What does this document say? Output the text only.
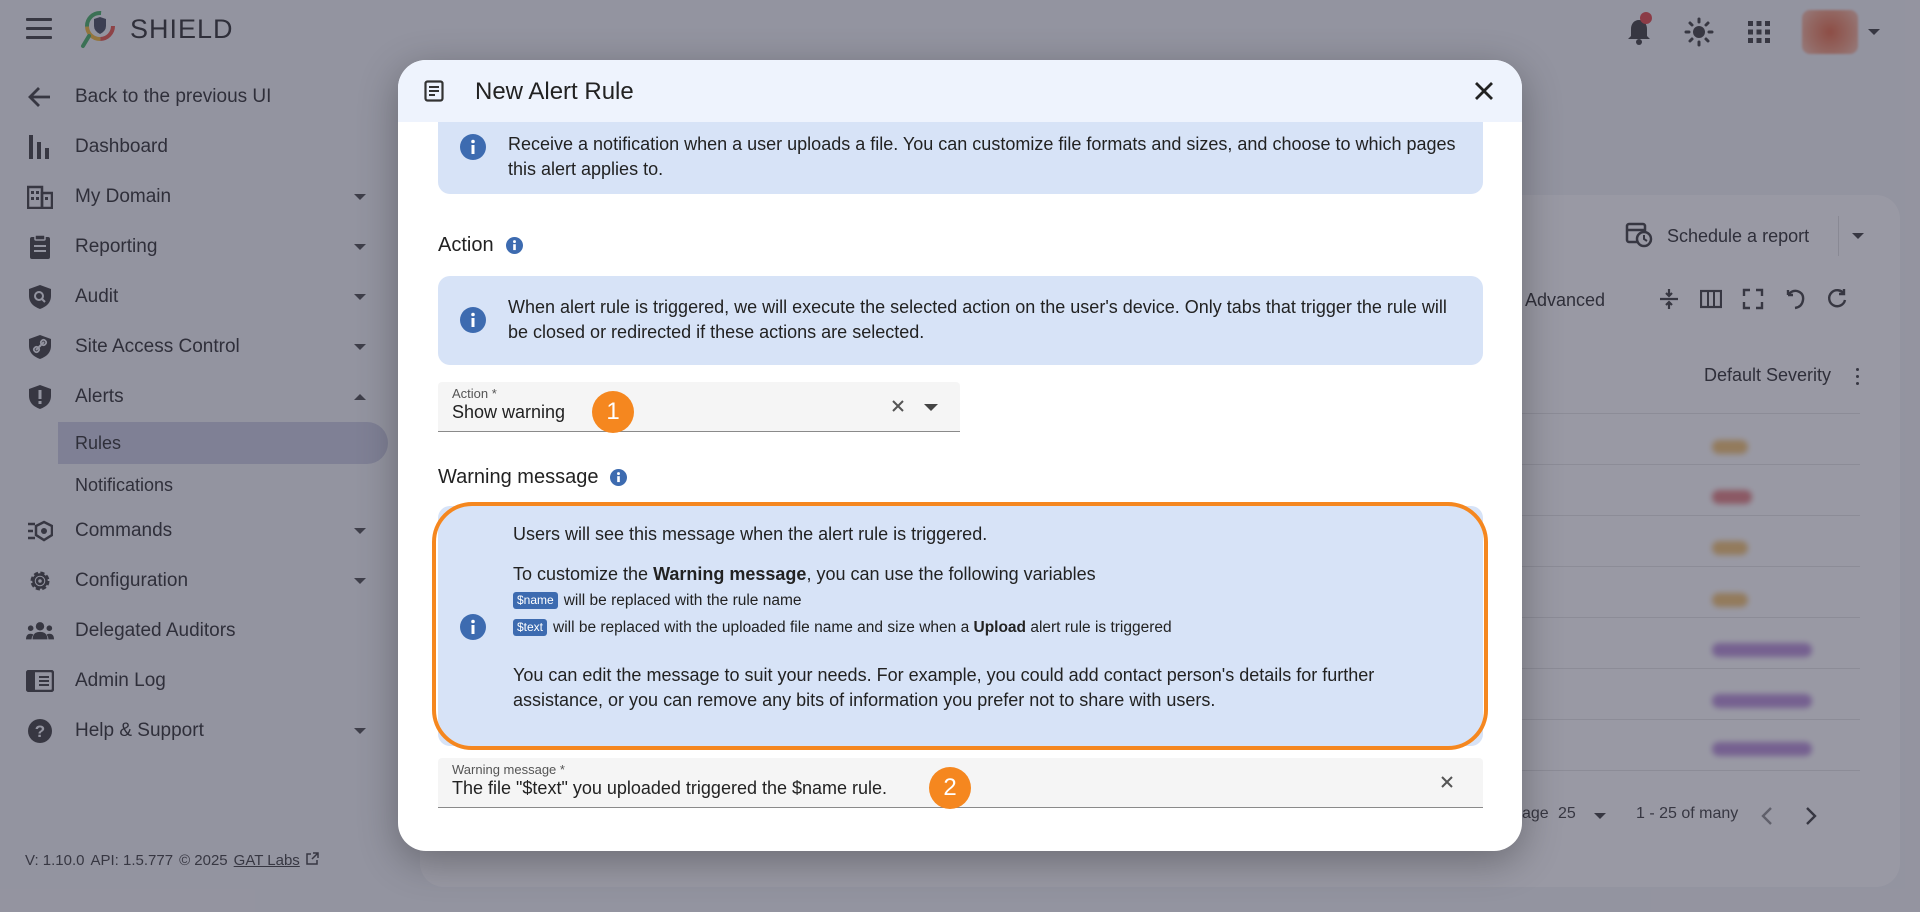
New Alert Rule
Receive a notification when a user uploads a file. You can customize file formats and sizes, and choose to which pages this alert applies to.
Action
When alert rule is triggered, we will execute the selected action on the user's device. Only tabs that trigger the rule will be closed or redirected if these actions are selected.
Action *
Show warning	1
Warning message
Users will see this message when the alert rule is triggered.
To customize the Warning message, you can use the following variables
$name will be replaced with the rule name
$text will be replaced with the uploaded file name and size when a Upload alert rule is triggered
You can edit the message to suit your needs. For example, you could add contact person's details for further assistance, or you can remove any bits of information you prefer not to share with users.
Warning message *
The file "$text" you uploaded triggered the $name rule.	2
